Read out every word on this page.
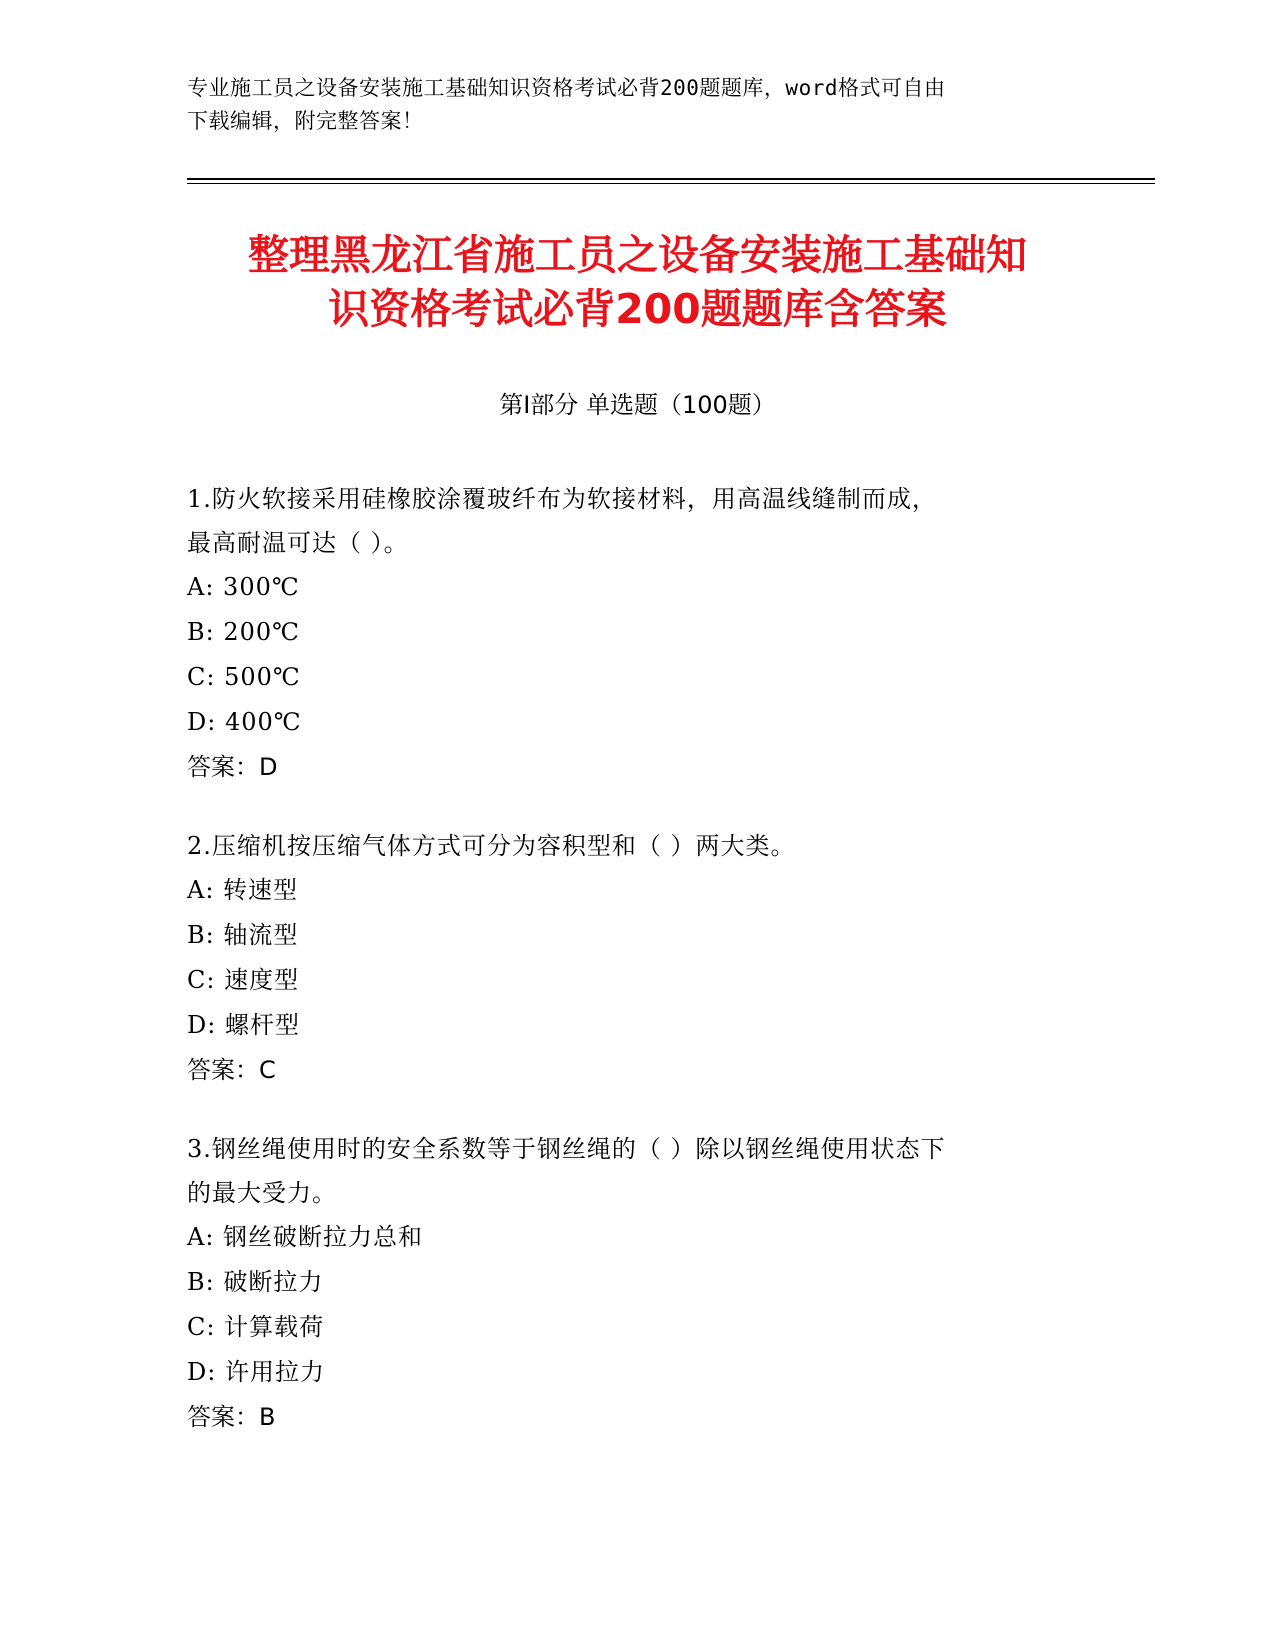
专业施工员之设备安装施工基础知识资格考试必背200题题库，word格式可自由
下载编辑，附完整答案！
整理黑龙江省施工员之设备安装施工基础知
识资格考试必背200题题库含答案
第Ⅰ部分 单选题（100题）
1.防火软接采用硅橡胶涂覆玻纤布为软接材料，用高温线缝制而成，
最高耐温可达（ ）。
A: 300℃
B: 200℃
C: 500℃
D: 400℃
答案：D
2.压缩机按压缩气体方式可分为容积型和（ ）两大类。
A: 转速型
B: 轴流型
C: 速度型
D: 螺杆型
答案：C
3.钢丝绳使用时的安全系数等于钢丝绳的（ ）除以钢丝绳使用状态下
的最大受力。
A: 钢丝破断拉力总和
B: 破断拉力
C: 计算载荷
D: 许用拉力
答案：B
